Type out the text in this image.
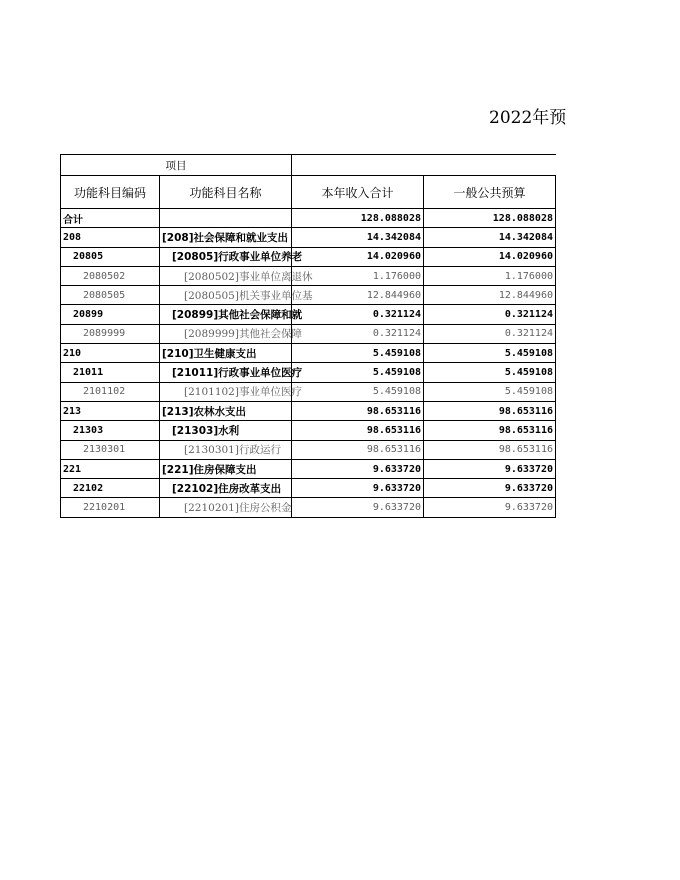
2022年预
项目			
功能科目编码	功能科目名称	本年收入合计	一般公共预算
合计		128.088028	128.088028
208	[208]社会保障和就业支出	14.342084	14.342084
20805	[20805]行政事业单位养老	14.020960	14.020960
2080502	[2080502]事业单位离退休	1.176000	1.176000
2080505	[2080505]机关事业单位基	12.844960	12.844960
20899	[20899]其他社会保障和就	0.321124	0.321124
2089999	[2089999]其他社会保障	0.321124	0.321124
210	[210]卫生健康支出	5.459108	5.459108
21011	[21011]行政事业单位医疗	5.459108	5.459108
2101102	[2101102]事业单位医疗	5.459108	5.459108
213	[213]农林水支出	98.653116	98.653116
21303	[21303]水利	98.653116	98.653116
2130301	[2130301]行政运行	98.653116	98.653116
221	[221]住房保障支出	9.633720	9.633720
22102	[22102]住房改革支出	9.633720	9.633720
2210201	[2210201]住房公积金	9.633720	9.633720
